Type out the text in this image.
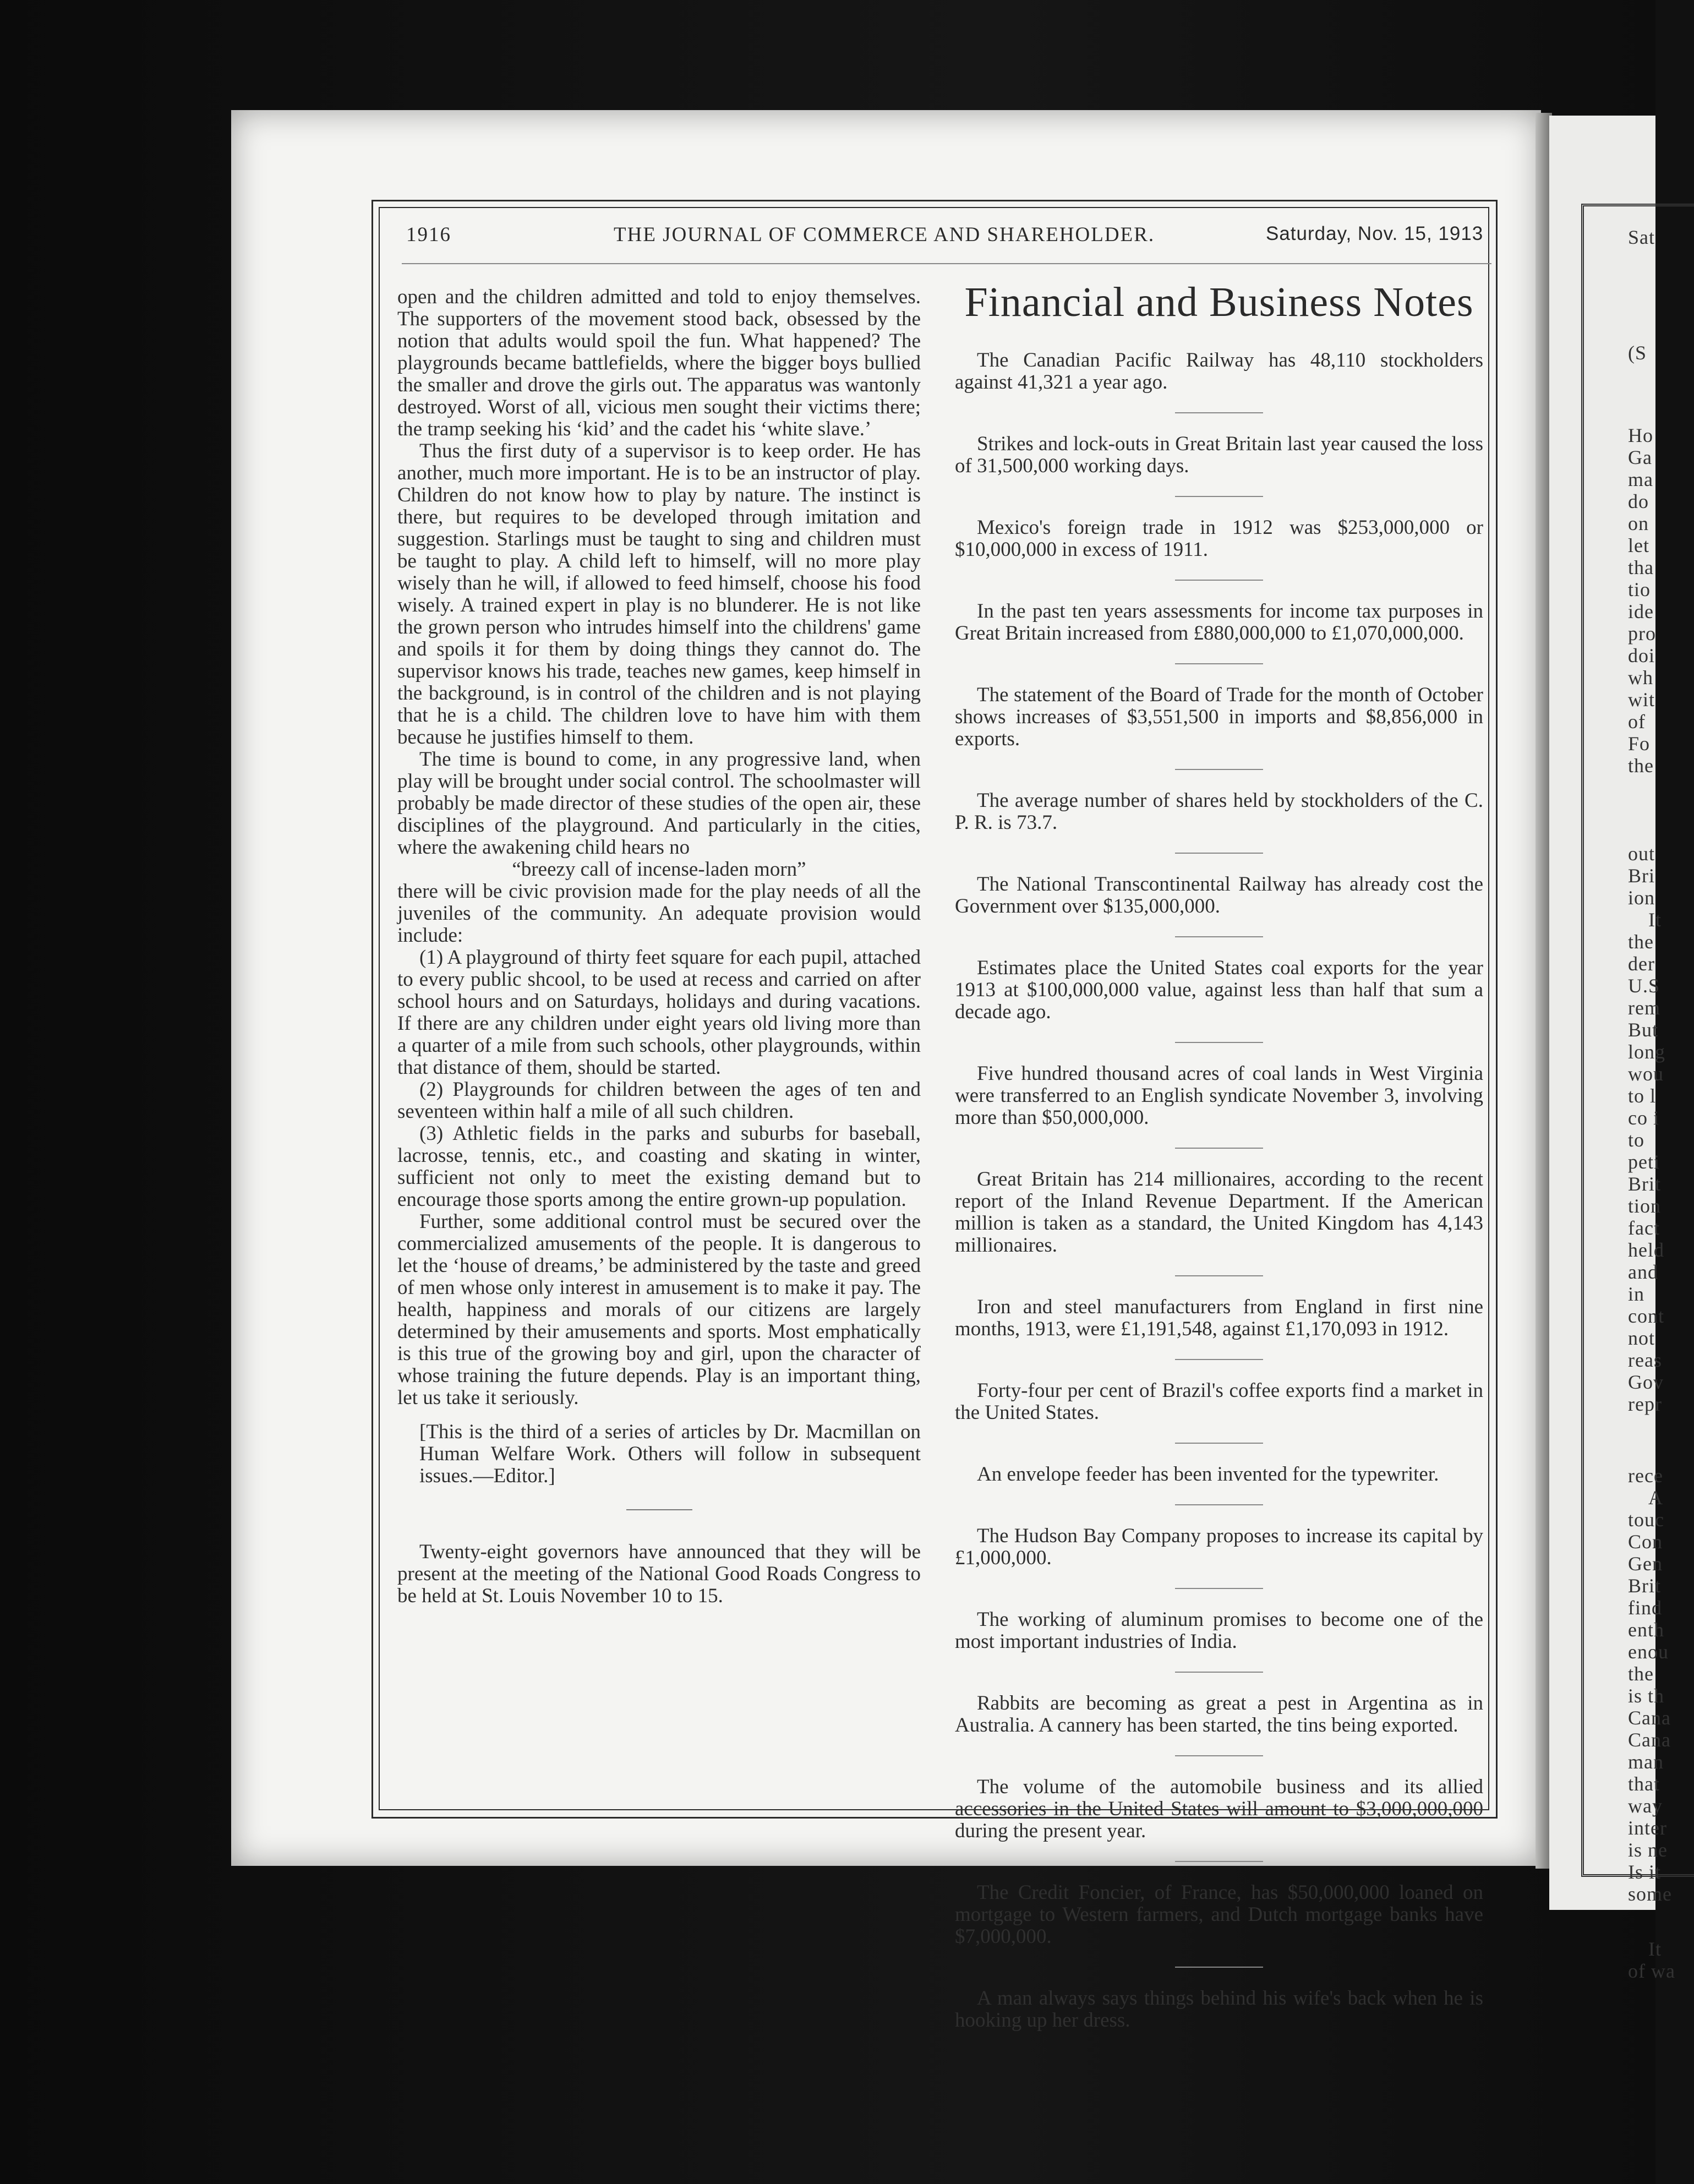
Sat
(S
Ho
Ga
ma
do
on
let
tha
tio
ide
pro
doi
wh
wit
of
Fo
the
out
Bri
ion
It
the
der
U.S
rem
But
long
wou
to l
co i
to
peti
Brit
tion
fact
held
and
in
cont
not
reas
Gov
repr
rece
A
touc
Con
Gen
Brit
find
enth
enou
the
is th
Cana
Cana
man
that
way
inter
is ne
Is it
some
It
of wa
1916	THE JOURNAL OF COMMERCE AND SHAREHOLDER.	Saturday, Nov. 15, 1913

open and the children admitted and told to enjoy themselves. The supporters of the movement stood back, obsessed by the notion that adults would spoil the fun. What happened? The playgrounds became battlefields, where the bigger boys bullied the smaller and drove the girls out. The apparatus was wantonly destroyed. Worst of all, vicious men sought their victims there; the tramp seeking his ‘kid’ and the cadet his ‘white slave.’

Thus the first duty of a supervisor is to keep order. He has another, much more important. He is to be an instructor of play. Children do not know how to play by nature. The instinct is there, but requires to be developed through imitation and suggestion. Starlings must be taught to sing and children must be taught to play. A child left to himself, will no more play wisely than he will, if allowed to feed himself, choose his food wisely. A trained expert in play is no blunderer. He is not like the grown person who intrudes himself into the childrens' game and spoils it for them by doing things they cannot do. The supervisor knows his trade, teaches new games, keep himself in the background, is in control of the children and is not playing that he is a child. The children love to have him with them because he justifies himself to them.

The time is bound to come, in any progressive land, when play will be brought under social control. The schoolmaster will probably be made director of these studies of the open air, these disciplines of the playground. And particularly in the cities, where the awakening child hears no

“breezy call of incense-laden morn”

there will be civic provision made for the play needs of all the juveniles of the community. An adequate provision would include:

(1) A playground of thirty feet square for each pupil, attached to every public shcool, to be used at recess and carried on after school hours and on Saturdays, holidays and during vacations. If there are any children under eight years old living more than a quarter of a mile from such schools, other playgrounds, within that distance of them, should be started.

(2) Playgrounds for children between the ages of ten and seventeen within half a mile of all such children.

(3) Athletic fields in the parks and suburbs for baseball, lacrosse, tennis, etc., and coasting and skating in winter, sufficient not only to meet the existing demand but to encourage those sports among the entire grown-up population.

Further, some additional control must be secured over the commercialized amusements of the people. It is dangerous to let the ‘house of dreams,’ be administered by the taste and greed of men whose only interest in amusement is to make it pay. The health, happiness and morals of our citizens are largely determined by their amusements and sports. Most emphatically is this true of the growing boy and girl, upon the character of whose training the future depends. Play is an important thing, let us take it seriously.

[This is the third of a series of articles by Dr. Macmillan on Human Welfare Work. Others will follow in subsequent issues.—Editor.]

Twenty-eight governors have announced that they will be present at the meeting of the National Good Roads Congress to be held at St. Louis November 10 to 15.

Financial and Business Notes
The Canadian Pacific Railway has 48,110 stockholders against 41,321 a year ago.
Strikes and lock-outs in Great Britain last year caused the loss of 31,500,000 working days.
Mexico's foreign trade in 1912 was $253,000,000 or $10,000,000 in excess of 1911.
In the past ten years assessments for income tax purposes in Great Britain increased from £880,000,000 to £1,070,000,000.
The statement of the Board of Trade for the month of October shows increases of $3,551,500 in imports and $8,856,000 in exports.
The average number of shares held by stockholders of the C. P. R. is 73.7.
The National Transcontinental Railway has already cost the Government over $135,000,000.
Estimates place the United States coal exports for the year 1913 at $100,000,000 value, against less than half that sum a decade ago.
Five hundred thousand acres of coal lands in West Virginia were transferred to an English syndicate November 3, involving more than $50,000,000.
Great Britain has 214 millionaires, according to the recent report of the Inland Revenue Department. If the American million is taken as a standard, the United Kingdom has 4,143 millionaires.
Iron and steel manufacturers from England in first nine months, 1913, were £1,191,548, against £1,170,093 in 1912.
Forty-four per cent of Brazil's coffee exports find a market in the United States.
An envelope feeder has been invented for the typewriter.
The Hudson Bay Company proposes to increase its capital by £1,000,000.
The working of aluminum promises to become one of the most important industries of India.
Rabbits are becoming as great a pest in Argentina as in Australia. A cannery has been started, the tins being exported.
The volume of the automobile business and its allied accessories in the United States will amount to $3,000,000,000 during the present year.
The Credit Foncier, of France, has $50,000,000 loaned on mortgage to Western farmers, and Dutch mortgage banks have $7,000,000.
A man always says things behind his wife's back when he is hooking up her dress.
